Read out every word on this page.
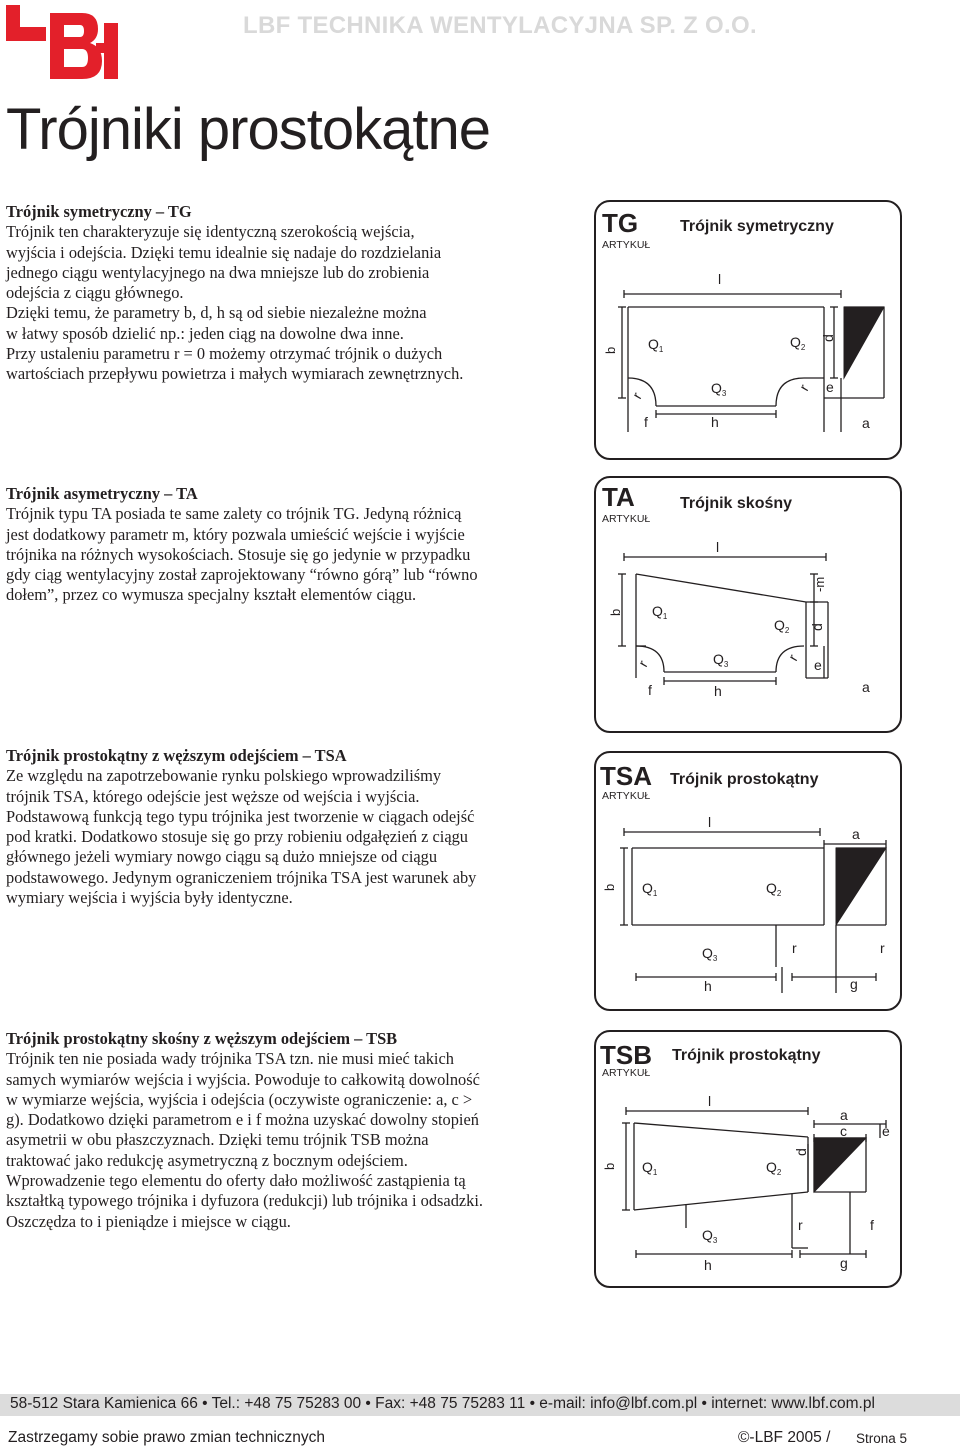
LBF TECHNIKA WENTYLACYJNA SP. Z O.O.
Trójniki prostokątne
Trójnik symetryczny – TG

Trójnik ten charakteryzuje się identyczną szerokością wejścia,

wyjścia i odejścia. Dzięki temu idealnie się nadaje do rozdzielania

jednego ciągu wentylacyjnego na dwa mniejsze lub do zrobienia

odejścia z ciągu głównego.

Dzięki temu, że parametry b, d, h są od siebie niezależne można

w łatwy sposób dzielić np.: jeden ciąg na dowolne dwa inne.

Przy ustaleniu parametru r = 0 możemy otrzymać trójnik o dużych

wartościach przepływu powietrza i małych wymiarach zewnętrznych.

Trójnik asymetryczny – TA

Trójnik typu TA posiada te same zalety co trójnik TG. Jedyną różnicą

jest dodatkowy parametr m, który pozwala umieścić wejście i wyjście

trójnika na różnych wysokościach. Stosuje się go jedynie w przypadku

gdy ciąg wentylacyjny został zaprojektowany “równo górą” lub “równo

dołem”, przez co wymusza specjalny kształt elementów ciągu.

Trójnik prostokątny z węższym odejściem – TSA

Ze względu na zapotrzebowanie rynku polskiego wprowadziliśmy

trójnik TSA, którego odejście jest węższe od wejścia i wyjścia.

Podstawową funkcją tego typu trójnika jest tworzenie w ciągach odejść

pod kratki. Dodatkowo stosuje się go przy robieniu odgałęzień z ciągu

głównego jeżeli wymiary nowgo ciągu są dużo mniejsze od ciągu

podstawowego. Jedynym ograniczeniem trójnika TSA jest warunek aby

wymiary wejścia i wyjścia były identyczne.

Trójnik prostokątny skośny z węższym odejściem – TSB

Trójnik ten nie posiada wady trójnika TSA tzn. nie musi mieć takich

samych wymiarów wejścia i wyjścia. Powoduje to całkowitą dowolność

w wymiarze wejścia, wyjścia i odejścia (oczywiste ograniczenie: a, c >

g). Dodatkowo dzięki parametrom e i f można uzyskać dowolny stopień

asymetrii w obu płaszczyznach. Dzięki temu trójnik TSB można

traktować jako redukcję asymetryczną z bocznym odejściem.

Wprowadzenie tego elementu do oferty dało możliwość zastąpienia tą

kształtką typowego trójnika i dyfuzora (redukcji) lub trójnika i odsadzki.

Oszczędza to i pieniądze i miejsce w ciągu.

TG
ARTYKUŁ
Trójnik symetryczny
l
b $Q_1$	$Q_2$
$Q_3$
d
r
r e
f	h	a
TA
ARTYKUŁ
Trójnik skośny
l
b $Q_1$
$Q_2$
$Q_3$
-m
d
r	r e
f	h	a
TSA
ARTYKUŁ
Trójnik prostokątny
l
a
b $Q_1$	$Q_2$
$Q_3$
r	r
h	g
TSB
ARTYKUŁ
Trójnik prostokątny
l
a
c	e
d
b $Q_1$	$Q_2$
$Q_3$
r	f
h	g
58-512 Stara Kamienica 66 • Tel.: +48 75 75283 00 • Fax: +48 75 75283 11 • e-mail: info@lbf.com.pl • internet: www.lbf.com.pl
Zastrzegamy sobie prawo zmian technicznych	©-LBF 2005 / Strona 5
